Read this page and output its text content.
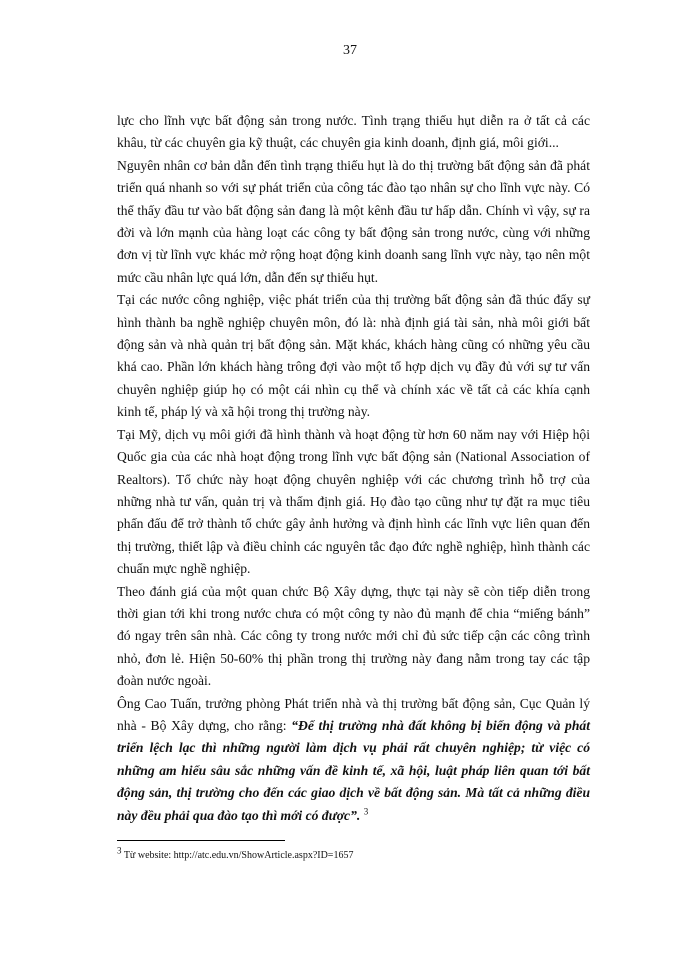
37

lực cho lĩnh vực bất động sản trong nước. Tình trạng thiếu hụt diễn ra ở tất cả các khâu, từ các chuyên gia kỹ thuật, các chuyên gia kinh doanh, định giá, môi giới...

Nguyên nhân cơ bản dẫn đến tình trạng thiếu hụt là do thị trường bất động sản đã phát triển quá nhanh so với sự phát triển của công tác đào tạo nhân sự cho lĩnh vực này. Có thể thấy đầu tư vào bất động sản đang là một kênh đầu tư hấp dẫn. Chính vì vậy, sự ra đời và lớn mạnh của hàng loạt các công ty bất động sản trong nước, cùng với những đơn vị từ lĩnh vực khác mở rộng hoạt động kinh doanh sang lĩnh vực này, tạo nên một mức cầu nhân lực quá lớn, dẫn đến sự thiếu hụt.

Tại các nước công nghiệp, việc phát triển của thị trường bất động sản đã thúc đẩy sự hình thành ba nghề nghiệp chuyên môn, đó là: nhà định giá tài sản, nhà môi giới bất động sản và nhà quản trị bất động sản. Mặt khác, khách hàng cũng có những yêu cầu khá cao. Phần lớn khách hàng trông đợi vào một tổ hợp dịch vụ đầy đủ với sự tư vấn chuyên nghiệp giúp họ có một cái nhìn cụ thể và chính xác về tất cả các khía cạnh kinh tế, pháp lý và xã hội trong thị trường này.

Tại Mỹ, dịch vụ môi giới đã hình thành và hoạt động từ hơn 60 năm nay với Hiệp hội Quốc gia của các nhà hoạt động trong lĩnh vực bất động sản (National Association of Realtors). Tổ chức này hoạt động chuyên nghiệp với các chương trình hỗ trợ của những nhà tư vấn, quản trị và thẩm định giá. Họ đào tạo cũng như tự đặt ra mục tiêu phấn đấu để trở thành tổ chức gây ảnh hưởng và định hình các lĩnh vực liên quan đến thị trường, thiết lập và điều chỉnh các nguyên tắc đạo đức nghề nghiệp, hình thành các chuẩn mực nghề nghiệp.

Theo đánh giá của một quan chức Bộ Xây dựng, thực tại này sẽ còn tiếp diễn trong thời gian tới khi trong nước chưa có một công ty nào đủ mạnh để chia “miếng bánh” đó ngay trên sân nhà. Các công ty trong nước mới chỉ đủ sức tiếp cận các công trình nhỏ, đơn lẻ. Hiện 50-60% thị phần trong thị trường này đang nằm trong tay các tập đoàn nước ngoài.

Ông Cao Tuấn, trưởng phòng Phát triển nhà và thị trường bất động sản, Cục Quản lý nhà - Bộ Xây dựng, cho rằng: “Để thị trường nhà đất không bị biến động và phát triển lệch lạc thì những người làm dịch vụ phải rất chuyên nghiệp; từ việc có những am hiểu sâu sắc những vấn đề kinh tế, xã hội, luật pháp liên quan tới bất động sản, thị trường cho đến các giao dịch về bất động sản. Mà tất cả những điều này đều phải qua đào tạo thì mới có được”. $^3$

$^3$ Từ website: http://atc.edu.vn/ShowArticle.aspx?ID=1657
